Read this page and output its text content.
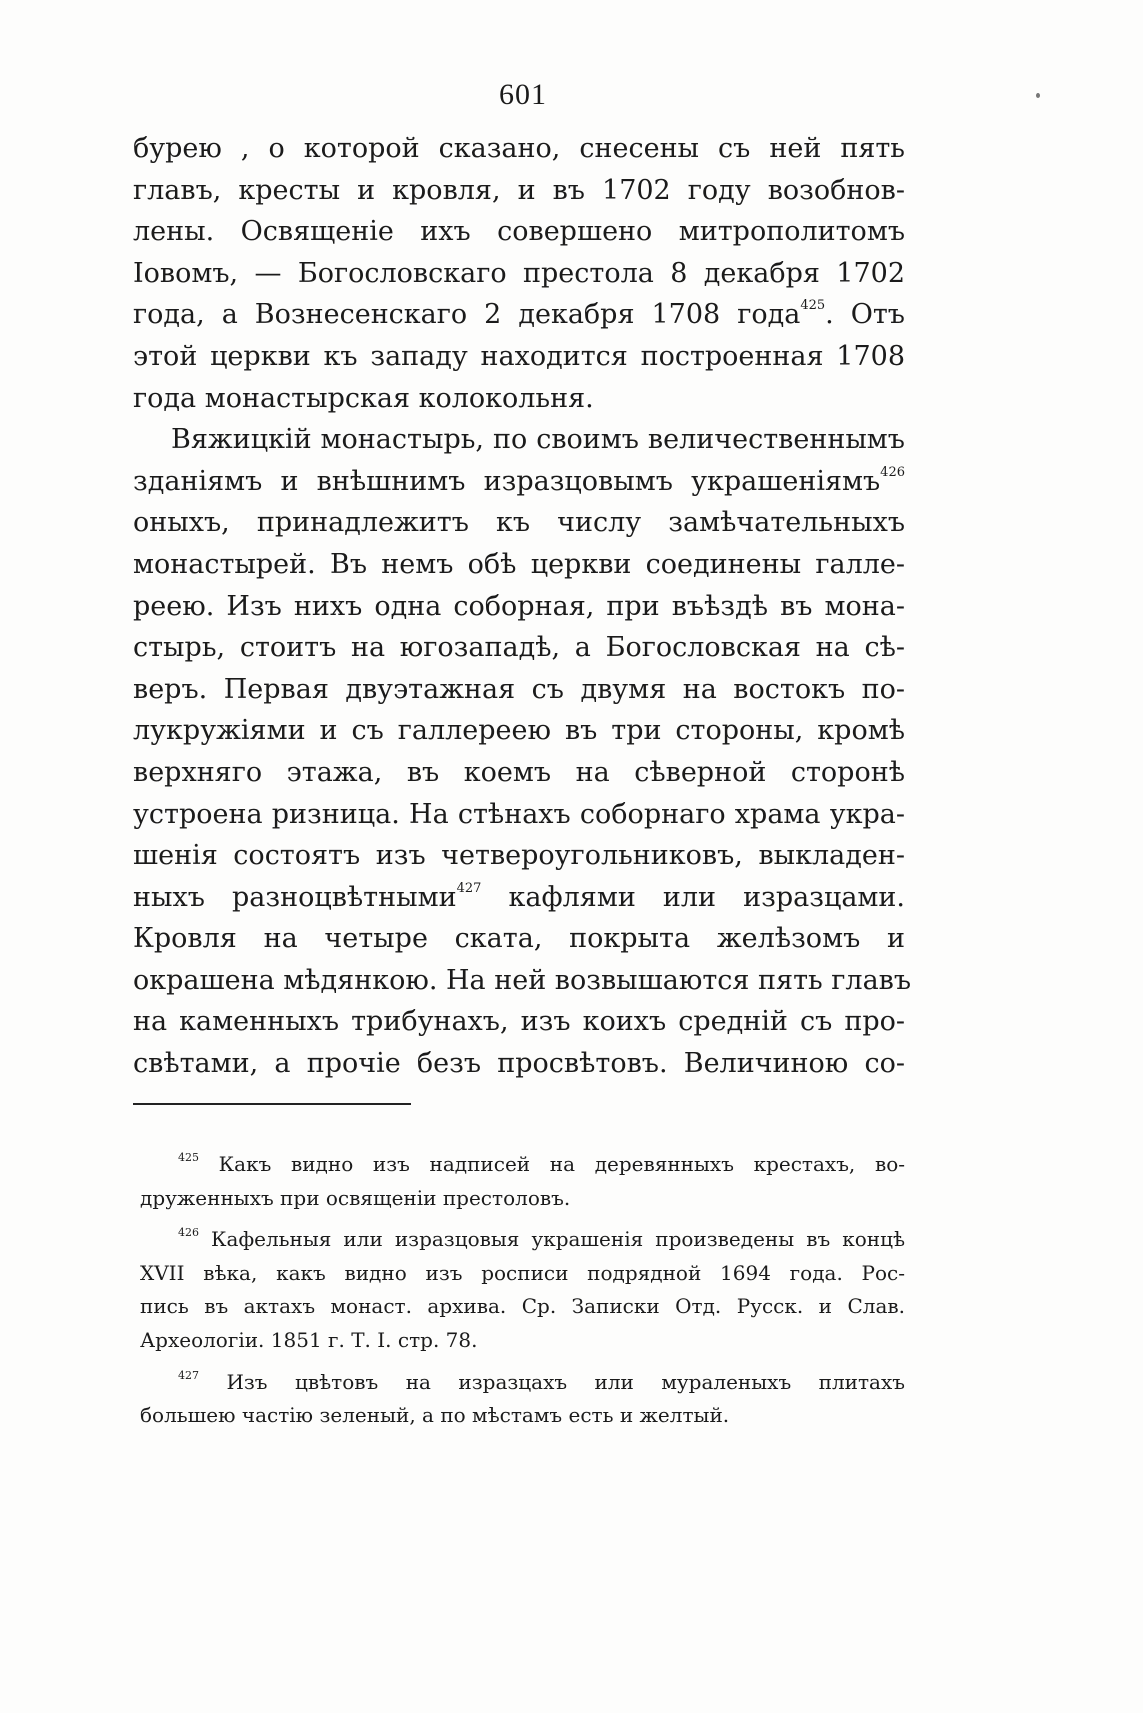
601
бурею , о которой сказано, снесены съ ней пять
главъ, кресты и кровля, и въ 1702 году возобнов-
лены. Освященіе ихъ совершено митрополитомъ
Іовомъ, — Богословскаго престола 8 декабря 1702
года, а Вознесенскаго 2 декабря 1708 года$^{425}$. Отъ
этой церкви къ западу находится построенная 1708
года монастырская колокольня.
Вяжицкій монастырь, по своимъ величественнымъ
зданіямъ и внѣшнимъ изразцовымъ украшеніямъ$^{426}$
оныхъ, принадлежитъ къ числу замѣчательныхъ
монастырей. Въ немъ обѣ церкви соединены галле-
реею. Изъ нихъ одна соборная, при въѣздѣ въ мона-
стырь, стоитъ на югозападѣ, а Богословская на сѣ-
веръ. Первая двуэтажная съ двумя на востокъ по-
лукружіями и съ галлереею въ три стороны, кромѣ
верхняго этажа, въ коемъ на сѣверной сторонѣ
устроена ризница. На стѣнахъ соборнаго храма укра-
шенія состоятъ изъ четвероугольниковъ, выкладен-
ныхъ разноцвѣтными$^{427}$ кафлями или изразцами.
Кровля на четыре ската, покрыта желѣзомъ и
окрашена мѣдянкою. На ней возвышаются пять главъ
на каменныхъ трибунахъ, изъ коихъ средній съ про-
свѣтами, а прочіе безъ просвѣтовъ. Величиною со-
$^{425}$ Какъ видно изъ надписей на деревянныхъ крестахъ, во-
друженныхъ при освященіи престоловъ.
$^{426}$ Кафельныя или изразцовыя украшенія произведены въ концѣ
XVII вѣка, какъ видно изъ росписи подрядной 1694 года. Рос-
пись въ актахъ монаст. архива. Ср. Записки Отд. Русск. и Слав.
Археологіи. 1851 г. Т. I. стр. 78.
$^{427}$ Изъ цвѣтовъ на изразцахъ или мураленыхъ плитахъ
большею частію зеленый, а по мѣстамъ есть и желтый.
